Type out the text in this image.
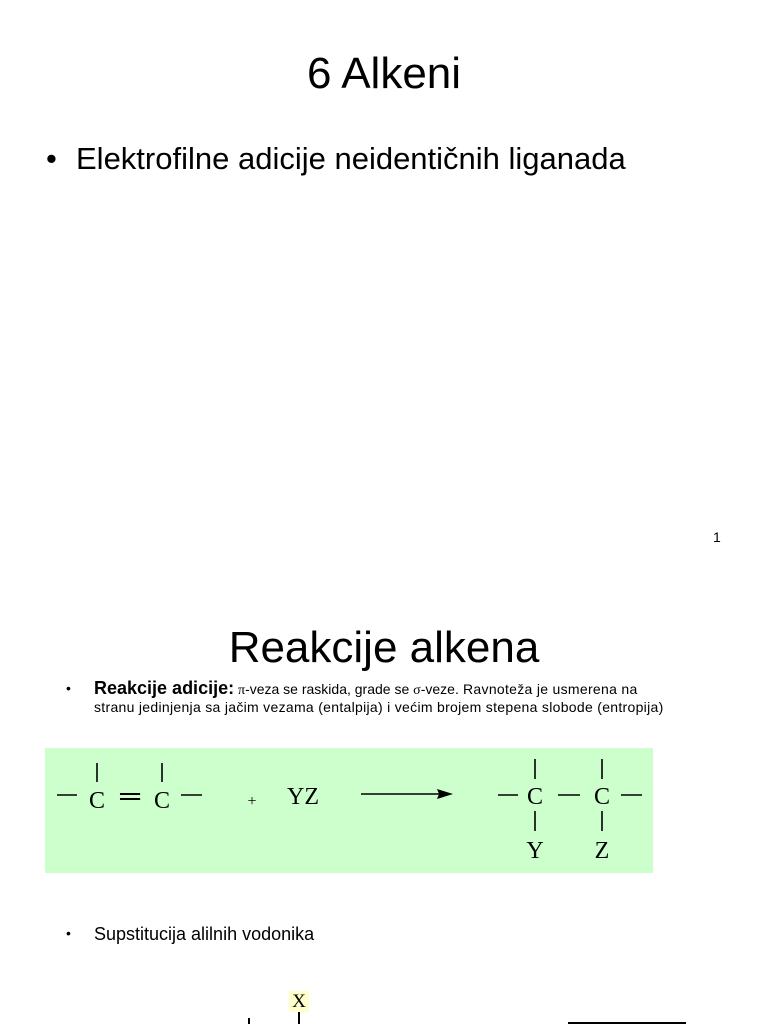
6 Alkeni
• Elektrofilne adicije neidentičnih liganada
1
Reakcije alkena
• Reakcije adicije: π-veza se raskida, grade se σ-veze. Ravnoteža je usmerena na stranu jedinjenja sa jačim vezama (entalpija) i većim brojem stepena slobode (entropija)
C ═ C	+ YZ	C C
Y Z
• Supstitucija alilnih vodonika
X
